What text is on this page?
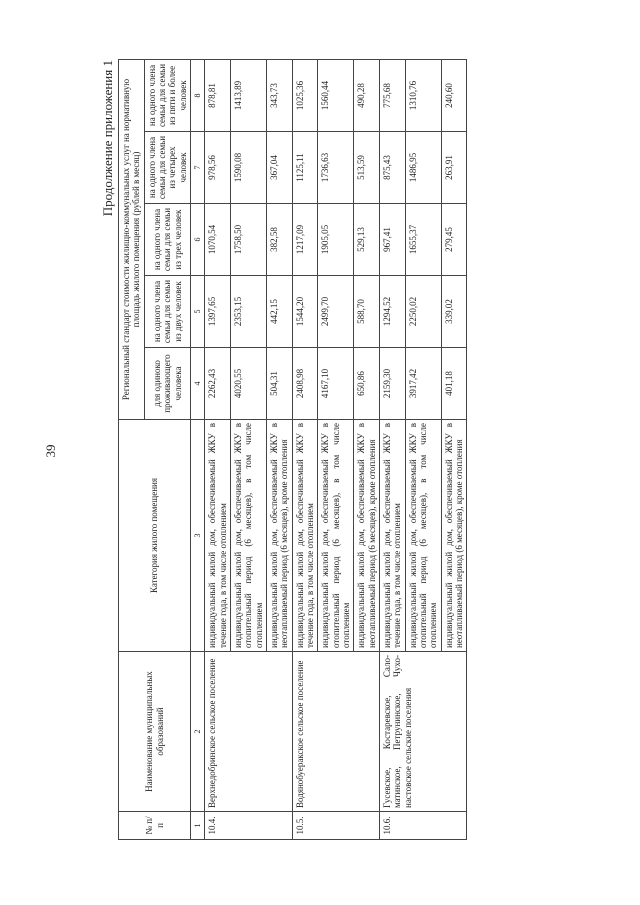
39
Продолжение приложения 1
№ п/п	Наименование муниципальных образований	Категория жилого помещения	Региональный стандарт стоимости жилищно-коммунальных услуг на нормативную площадь жилого помещения (рублей в месяц)				
			для одиноко проживающего человека	на одного члена семьи для семьи из двух человек	на одного члена семьи для семьи из трех человек	на одного члена семьи для семьи из четырех человек	на одного члена семьи для семьи из пяти и более человек
1	2	3	4	5	6	7	8
10.4.	Верхнедобринское сельское поселение	индивидуальный жилой дом, обеспечиваемый ЖКУ в течение года, в том числе отоплением	2262,43	1397,65	1070,54	978,56	878,81
		индивидуальный жилой дом, обеспечиваемый ЖКУ в отопительный период (6 месяцев), в том числе отоплением	4020,55	2353,15	1758,50	1590,08	1413,89
		индивидуальный жилой дом, обеспечиваемый ЖКУ в неотапливаемый период (6 месяцев), кроме отопления	504,31	442,15	382,58	367,04	343,73
10.5.	Водянобуеракское сельское поселение	индивидуальный жилой дом, обеспечиваемый ЖКУ в течение года, в том числе отоплением	2408,98	1544,20	1217,09	1125,11	1025,36
		индивидуальный жилой дом, обеспечиваемый ЖКУ в отопительный период (6 месяцев), в том числе отоплением	4167,10	2499,70	1905,05	1736,63	1560,44
		индивидуальный жилой дом, обеспечиваемый ЖКУ в неотапливаемый период (6 месяцев), кроме отопления	650,86	588,70	529,13	513,59	490,28
10.6.	Гусевское, Костаревское, Сало-матинское, Петрунинское, Чухо-настовское сельские поселения	индивидуальный жилой дом, обеспечиваемый ЖКУ в течение года, в том числе отоплением	2159,30	1294,52	967,41	875,43	775,68
		индивидуальный жилой дом, обеспечиваемый ЖКУ в отопительный период (6 месяцев), в том числе отоплением	3917,42	2250,02	1655,37	1486,95	1310,76
		индивидуальный жилой дом, обеспечиваемый ЖКУ в неотапливаемый период (6 месяцев), кроме отопления	401,18	339,02	279,45	263,91	240,60
